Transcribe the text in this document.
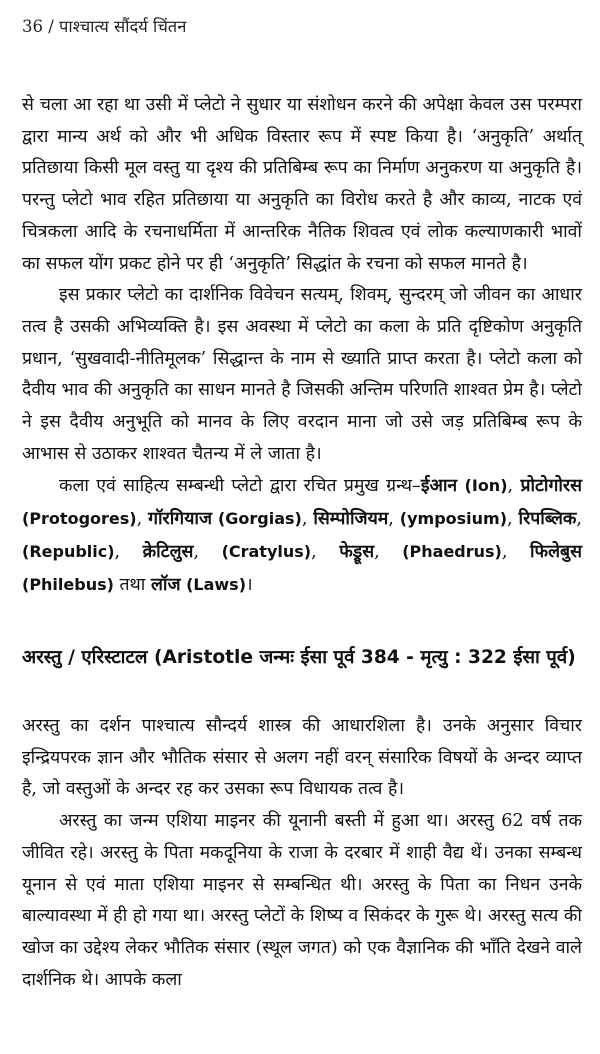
36 / पाश्चात्य सौंदर्य चिंतन

से चला आ रहा था उसी में प्लेटो ने सुधार या संशोधन करने की अपेक्षा केवल उस परम्परा द्वारा मान्य अर्थ को और भी अधिक विस्तार रूप में स्पष्ट किया है। ‘अनुकृति’ अर्थात् प्रतिछाया किसी मूल वस्तु या दृश्य की प्रतिबिम्ब रूप का निर्माण अनुकरण या अनुकृति है। परन्तु प्लेटो भाव रहित प्रतिछाया या अनुकृति का विरोध करते है और काव्य, नाटक एवं चित्रकला आदि के रचनाधर्मिता में आन्तरिक नैतिक शिवत्व एवं लोक कल्याणकारी भावों का सफल योंग प्रकट होने पर ही ‘अनुकृति’ सिद्धांत के रचना को सफल मानते है।

इस प्रकार प्लेटो का दार्शनिक विवेचन सत्यम्, शिवम्, सुन्दरम् जो जीवन का आधार तत्व है उसकी अभिव्यक्ति है। इस अवस्था में प्लेटो का कला के प्रति दृष्टिकोण अनुकृति प्रधान, ‘सुखवादी-नीतिमूलक’ सिद्धान्त के नाम से ख्याति प्राप्त करता है। प्लेटो कला को दैवीय भाव की अनुकृति का साधन मानते है जिसकी अन्तिम परिणति शाश्वत प्रेम है। प्लेटो ने इस दैवीय अनुभूति को मानव के लिए वरदान माना जो उसे जड़ प्रतिबिम्ब रूप के आभास से उठाकर शाश्वत चैतन्य में ले जाता है।

कला एवं साहित्य सम्बन्धी प्लेटो द्वारा रचित प्रमुख ग्रन्थ–ईआन (Ion), प्रोटोगोरस (Protogores), गॉरगियाज (Gorgias), सिम्पोजियम, (ymposium), रिपब्लिक, (Republic), क्रेटिलुस, (Cratylus), फेड्रूस, (Phaedrus), फिलेबुस (Philebus) तथा लॉज (Laws)।

अरस्तु / एरिस्टाटल (Aristotle जन्मः ईसा पूर्व 384 - मृत्यु : 322 ईसा पूर्व)

अरस्तु का दर्शन पाश्चात्य सौन्दर्य शास्त्र की आधारशिला है। उनके अनुसार विचार इन्द्रियपरक ज्ञान और भौतिक संसार से अलग नहीं वरन् संसारिक विषयों के अन्दर व्याप्त है, जो वस्तुओं के अन्दर रह कर उसका रूप विधायक तत्व है।

अरस्तु का जन्म एशिया माइनर की यूनानी बस्ती में हुआ था। अरस्तु 62 वर्ष तक जीवित रहे। अरस्तु के पिता मकदूनिया के राजा के दरबार में शाही वैद्य थें। उनका सम्बन्ध यूनान से एवं माता एशिया माइनर से सम्बन्धित थी। अरस्तु के पिता का निधन उनके बाल्यावस्था में ही हो गया था। अरस्तु प्लेटों के शिष्य व सिकंदर के गुरू थे। अरस्तु सत्य की खोज का उद्देश्य लेकर भौतिक संसार (स्थूल जगत) को एक वैज्ञानिक की भाँति देखने वाले दार्शनिक थे। आपके कला
